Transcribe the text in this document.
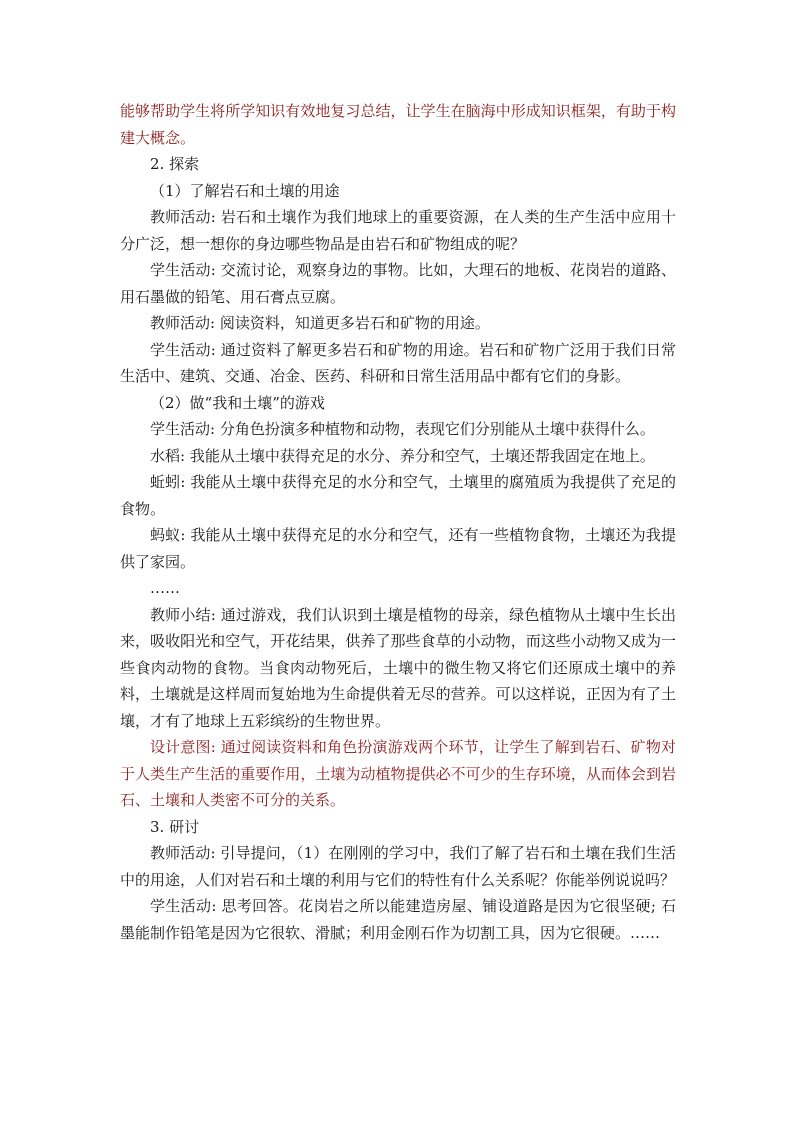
能够帮助学生将所学知识有效地复习总结，让学生在脑海中形成知识框架，有助于构建大概念。

2. 探索

（1）了解岩石和土壤的用途

教师活动: 岩石和土壤作为我们地球上的重要资源，在人类的生产生活中应用十分广泛，想一想你的身边哪些物品是由岩石和矿物组成的呢？

学生活动: 交流讨论，观察身边的事物。比如，大理石的地板、花岗岩的道路、用石墨做的铅笔、用石膏点豆腐。

教师活动: 阅读资料，知道更多岩石和矿物的用途。

学生活动: 通过资料了解更多岩石和矿物的用途。岩石和矿物广泛用于我们日常生活中、建筑、交通、冶金、医药、科研和日常生活用品中都有它们的身影。

（2）做“我和土壤”的游戏

学生活动: 分角色扮演多种植物和动物，表现它们分别能从土壤中获得什么。

水稻: 我能从土壤中获得充足的水分、养分和空气，土壤还帮我固定在地上。

蚯蚓: 我能从土壤中获得充足的水分和空气，土壤里的腐殖质为我提供了充足的食物。

蚂蚁: 我能从土壤中获得充足的水分和空气，还有一些植物食物，土壤还为我提供了家园。

……

教师小结: 通过游戏，我们认识到土壤是植物的母亲，绿色植物从土壤中生长出来，吸收阳光和空气，开花结果，供养了那些食草的小动物，而这些小动物又成为一些食肉动物的食物。当食肉动物死后，土壤中的微生物又将它们还原成土壤中的养料，土壤就是这样周而复始地为生命提供着无尽的营养。可以这样说，正因为有了土壤，才有了地球上五彩缤纷的生物世界。

设计意图: 通过阅读资料和角色扮演游戏两个环节，让学生了解到岩石、矿物对于人类生产生活的重要作用，土壤为动植物提供必不可少的生存环境，从而体会到岩石、土壤和人类密不可分的关系。

3. 研讨

教师活动: 引导提问，（1）在刚刚的学习中，我们了解了岩石和土壤在我们生活中的用途，人们对岩石和土壤的利用与它们的特性有什么关系呢？你能举例说说吗？

学生活动: 思考回答。花岗岩之所以能建造房屋、铺设道路是因为它很坚硬; 石墨能制作铅笔是因为它很软、滑腻；利用金刚石作为切割工具，因为它很硬。……
